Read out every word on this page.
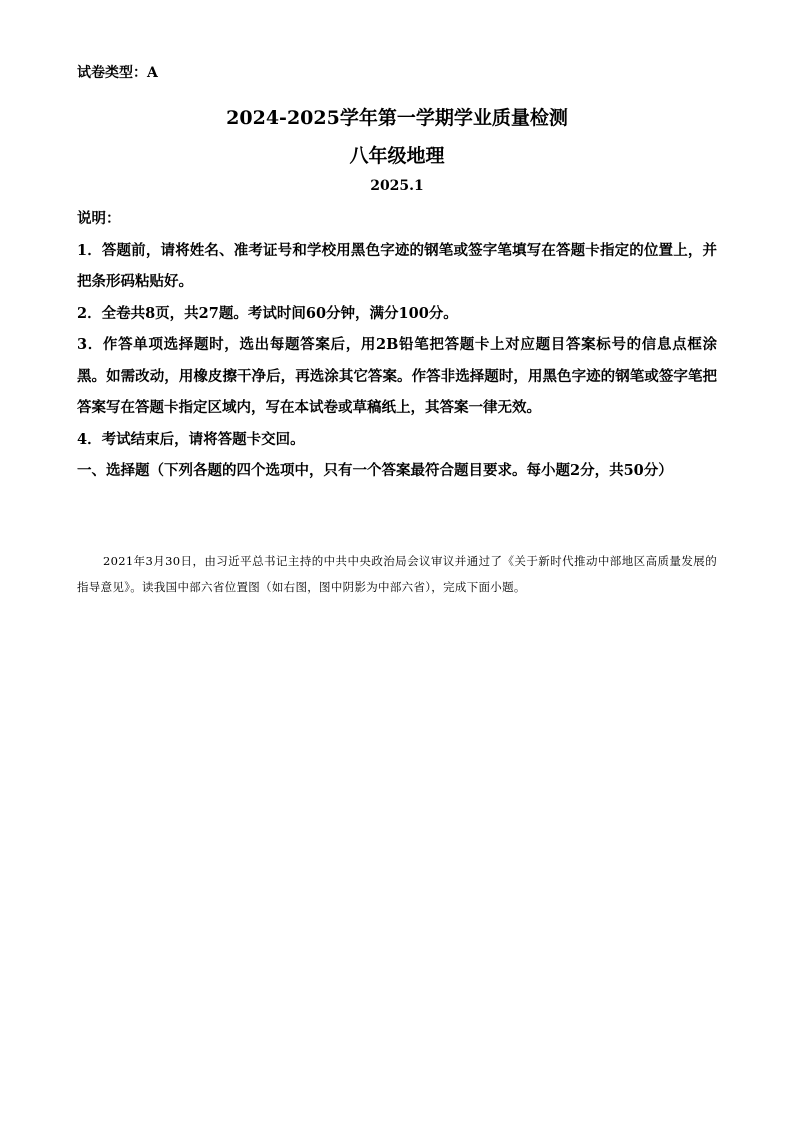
试卷类型：A
2024-2025学年第一学期学业质量检测
八年级地理
2025.1

说明：

1．答题前，请将姓名、准考证号和学校用黑色字迹的钢笔或签字笔填写在答题卡指定的位置上，并把条形码粘贴好。

2．全卷共8页，共27题。考试时间60分钟，满分100分。

3．作答单项选择题时，选出每题答案后，用2B铅笔把答题卡上对应题目答案标号的信息点框涂黑。如需改动，用橡皮擦干净后，再选涂其它答案。作答非选择题时，用黑色字迹的钢笔或签字笔把答案写在答题卡指定区域内，写在本试卷或草稿纸上，其答案一律无效。

4．考试结束后，请将答题卡交回。

一、选择题（下列各题的四个选项中，只有一个答案最符合题目要求。每小题2分，共50分）

2021年3月30日，由习近平总书记主持的中共中央政治局会议审议并通过了《关于新时代推动中部地区高质量发展的指导意见》。读我国中部六省位置图（如右图，图中阴影为中部六省），完成下面小题。
